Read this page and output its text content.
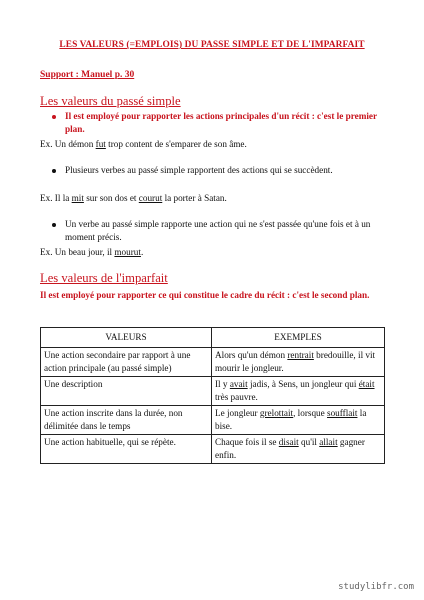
LES VALEURS (=EMPLOIS) DU PASSE SIMPLE ET DE L'IMPARFAIT
Support : Manuel p. 30
Les valeurs du passé simple
Il est employé pour rapporter les actions principales d'un récit : c'est le premier plan.
Ex. Un démon fut trop content de s'emparer de son âme.
Plusieurs verbes au passé simple rapportent des actions qui se succèdent.
Ex. Il la mit sur son dos et courut la porter à Satan.
Un verbe au passé simple rapporte une action qui ne s'est passée qu'une fois et à un moment précis.
Ex. Un beau jour, il mourut.
Les valeurs de l'imparfait
Il est employé pour rapporter ce qui constitue le cadre du récit : c'est le second plan.
VALEURS	EXEMPLES
Une action secondaire par rapport à une action principale (au passé simple)	Alors qu'un démon rentrait bredouille, il vit mourir le jongleur.
Une description	Il y avait jadis, à Sens, un jongleur qui était très pauvre.
Une action inscrite dans la durée, non délimitée dans le temps	Le jongleur grelottait, lorsque soufflait la bise.
Une action habituelle, qui se répète.	Chaque fois il se disait qu'il allait gagner enfin.
studylibfr.com
